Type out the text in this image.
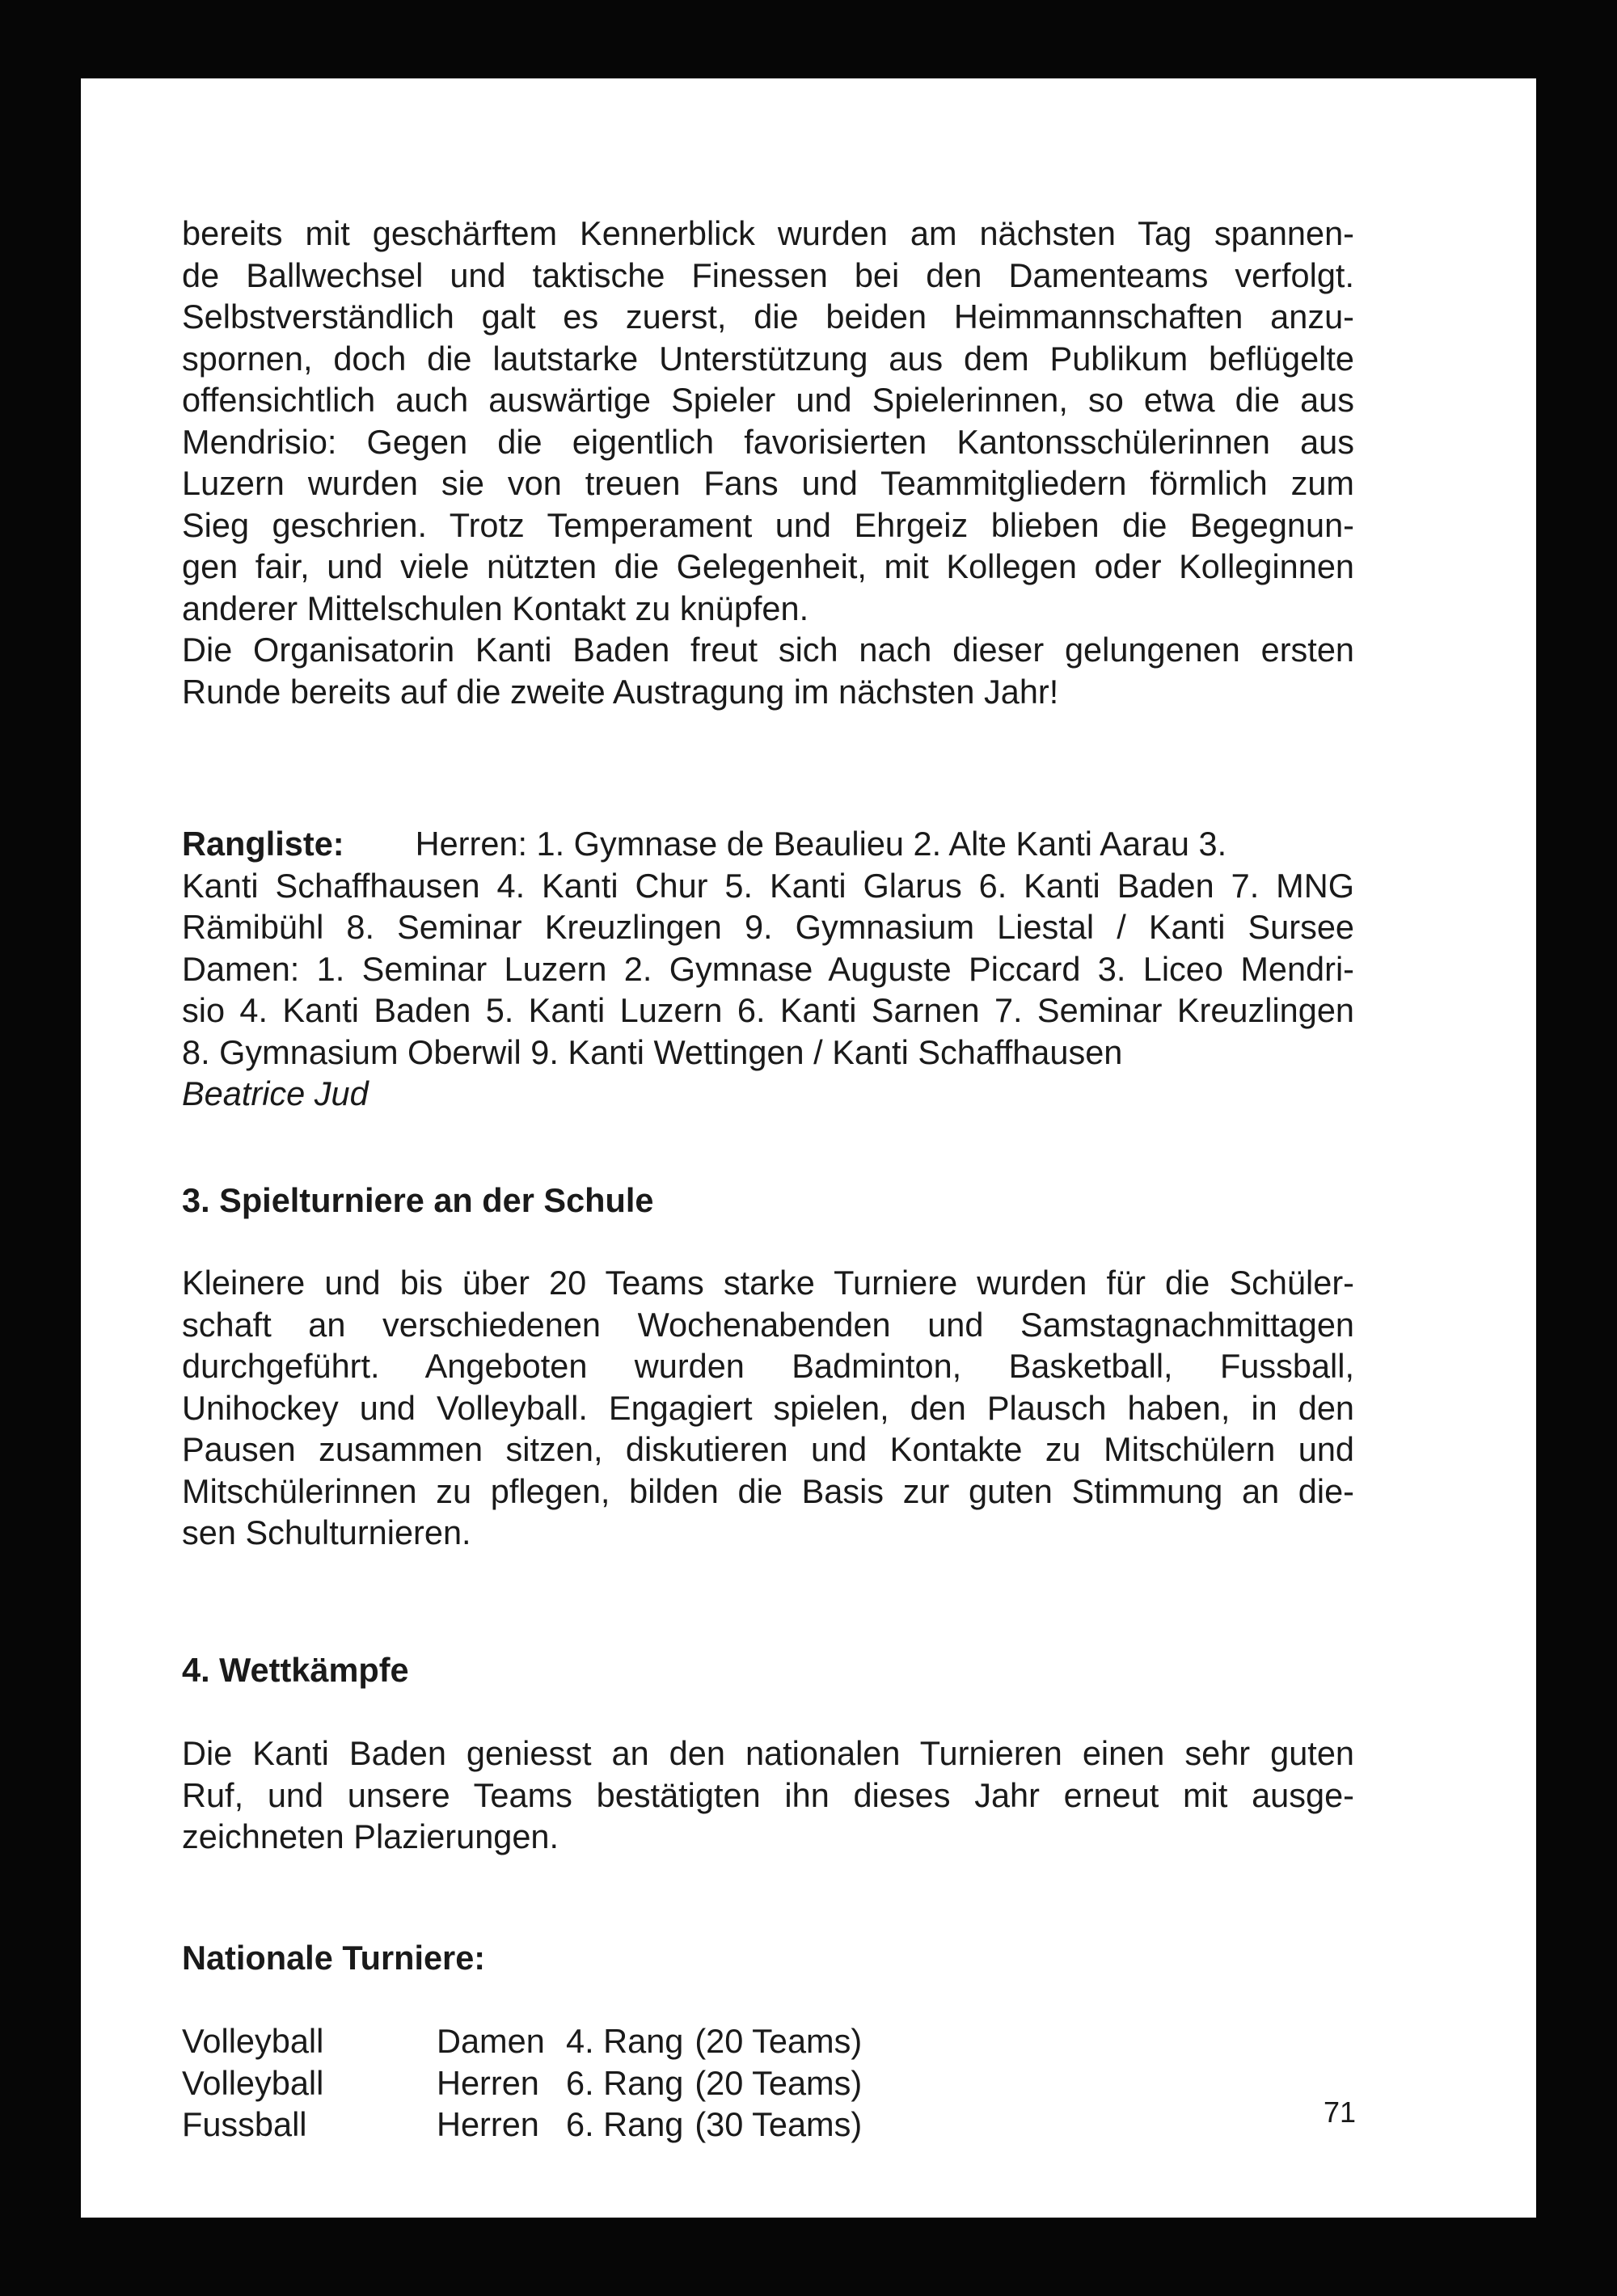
bereits mit geschärftem Kennerblick wurden am nächsten Tag spannen-
de Ballwechsel und taktische Finessen bei den Damenteams verfolgt.
Selbstverständlich galt es zuerst, die beiden Heimmannschaften anzu-
spornen, doch die lautstarke Unterstützung aus dem Publikum beflügelte
offensichtlich auch auswärtige Spieler und Spielerinnen, so etwa die aus
Mendrisio: Gegen die eigentlich favorisierten Kantonsschülerinnen aus
Luzern wurden sie von treuen Fans und Teammitgliedern förmlich zum
Sieg geschrien. Trotz Temperament und Ehrgeiz blieben die Begegnun-
gen fair, und viele nützten die Gelegenheit, mit Kollegen oder Kolleginnen
anderer Mittelschulen Kontakt zu knüpfen.
Die Organisatorin Kanti Baden freut sich nach dieser gelungenen ersten
Runde bereits auf die zweite Austragung im nächsten Jahr!

Rangliste: Herren: 1. Gymnase de Beaulieu 2. Alte Kanti Aarau 3.
Kanti Schaffhausen 4. Kanti Chur 5. Kanti Glarus 6. Kanti Baden 7. MNG
Rämibühl 8. Seminar Kreuzlingen 9. Gymnasium Liestal / Kanti Sursee
Damen: 1. Seminar Luzern 2. Gymnase Auguste Piccard 3. Liceo Mendri-
sio 4. Kanti Baden 5. Kanti Luzern 6. Kanti Sarnen 7. Seminar Kreuzlingen
8. Gymnasium Oberwil 9. Kanti Wettingen / Kanti Schaffhausen
Beatrice Jud

3. Spielturniere an der Schule

Kleinere und bis über 20 Teams starke Turniere wurden für die Schüler-
schaft an verschiedenen Wochenabenden und Samstagnachmittagen
durchgeführt. Angeboten wurden Badminton, Basketball, Fussball,
Unihockey und Volleyball. Engagiert spielen, den Plausch haben, in den
Pausen zusammen sitzen, diskutieren und Kontakte zu Mitschülern und
Mitschülerinnen zu pflegen, bilden die Basis zur guten Stimmung an die-
sen Schulturnieren.

4. Wettkämpfe

Die Kanti Baden geniesst an den nationalen Turnieren einen sehr guten
Ruf, und unsere Teams bestätigten ihn dieses Jahr erneut mit ausge-
zeichneten Plazierungen.

Nationale Turniere:
Volleyball	Damen	4. Rang (20 Teams)
Volleyball	Herren	6. Rang (20 Teams)
Fussball	Herren	6. Rang (30 Teams)	71
